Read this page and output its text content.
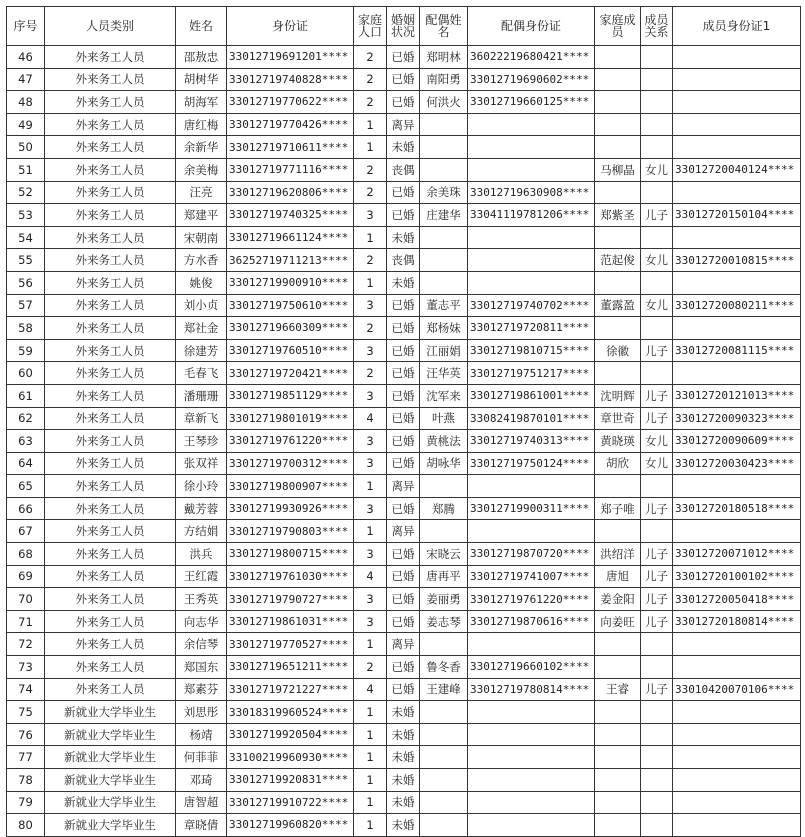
序号	人员类别	姓名	身份证	家庭人口	婚姻状况	配偶姓名	配偶身份证	家庭成员	成员关系	成员身份证1
46	外来务工人员	邵敖忠	33012719691201****	2	已婚	郑明林	36022219680421****			
47	外来务工人员	胡树华	33012719740828****	2	已婚	南阳勇	33012719690602****			
48	外来务工人员	胡海军	33012719770622****	2	已婚	何洪火	33012719660125****			
49	外来务工人员	唐红梅	33012719770426****	1	离异					
50	外来务工人员	余新华	33012719710611****	1	未婚					
51	外来务工人员	余美梅	33012719771116****	2	丧偶			马柳晶	女儿	33012720040124****
52	外来务工人员	汪亮	33012719620806****	2	已婚	余美珠	33012719630908****			
53	外来务工人员	郑建平	33012719740325****	3	已婚	庄建华	33041119781206****	郑紫圣	儿子	33012720150104****
54	外来务工人员	宋朝南	33012719661124****	1	未婚					
55	外来务工人员	方水香	36252719711213****	2	丧偶			范起俊	女儿	33012720010815****
56	外来务工人员	姚俊	33012719900910****	1	未婚					
57	外来务工人员	刘小贞	33012719750610****	3	已婚	董志平	33012719740702****	董露盈	女儿	33012720080211****
58	外来务工人员	郑社金	33012719660309****	2	已婚	郑杨妹	33012719720811****			
59	外来务工人员	徐建芳	33012719760510****	3	已婚	江丽娟	33012719810715****	徐徽	儿子	33012720081115****
60	外来务工人员	毛春飞	33012719720421****	2	已婚	汪华英	33012719751217****			
61	外来务工人员	潘珊珊	33012719851129****	3	已婚	沈军来	33012719861001****	沈明辉	儿子	33012720121013****
62	外来务工人员	章新飞	33012719801019****	4	已婚	叶燕	33082419870101****	章世奇	儿子	33012720090323****
63	外来务工人员	王琴珍	33012719761220****	3	已婚	黄桃法	33012719740313****	黄晓瑛	女儿	33012720090609****
64	外来务工人员	张双祥	33012719700312****	3	已婚	胡咏华	33012719750124****	胡欣	女儿	33012720030423****
65	外来务工人员	徐小玲	33012719800907****	1	离异					
66	外来务工人员	戴芳蓉	33012719930926****	3	已婚	郑腾	33012719900311****	郑子唯	儿子	33012720180518****
67	外来务工人员	方结娟	33012719790803****	1	离异					
68	外来务工人员	洪兵	33012719800715****	3	已婚	宋晓云	33012719870720****	洪绍洋	儿子	33012720071012****
69	外来务工人员	王红霞	33012719761030****	4	已婚	唐再平	33012719741007****	唐旭	儿子	33012720100102****
70	外来务工人员	王秀英	33012719790727****	3	已婚	姜丽勇	33012719761220****	姜金阳	儿子	33012720050418****
71	外来务工人员	向志华	33012719861031****	3	已婚	姜志琴	33012719870616****	向姜旺	儿子	33012720180814****
72	外来务工人员	余信琴	33012719770527****	1	离异					
73	外来务工人员	郑国东	33012719651211****	2	已婚	鲁冬香	33012719660102****			
74	外来务工人员	郑素芬	33012719721227****	4	已婚	王建峰	33012719780814****	王睿	儿子	33010420070106****
75	新就业大学毕业生	刘思彤	33018319960524****	1	未婚					
76	新就业大学毕业生	杨靖	33012719920504****	1	未婚					
77	新就业大学毕业生	何菲菲	33100219960930****	1	未婚					
78	新就业大学毕业生	邓琦	33012719920831****	1	未婚					
79	新就业大学毕业生	唐智超	33012719910722****	1	未婚					
80	新就业大学毕业生	章晓倩	33012719960820****	1	未婚					
